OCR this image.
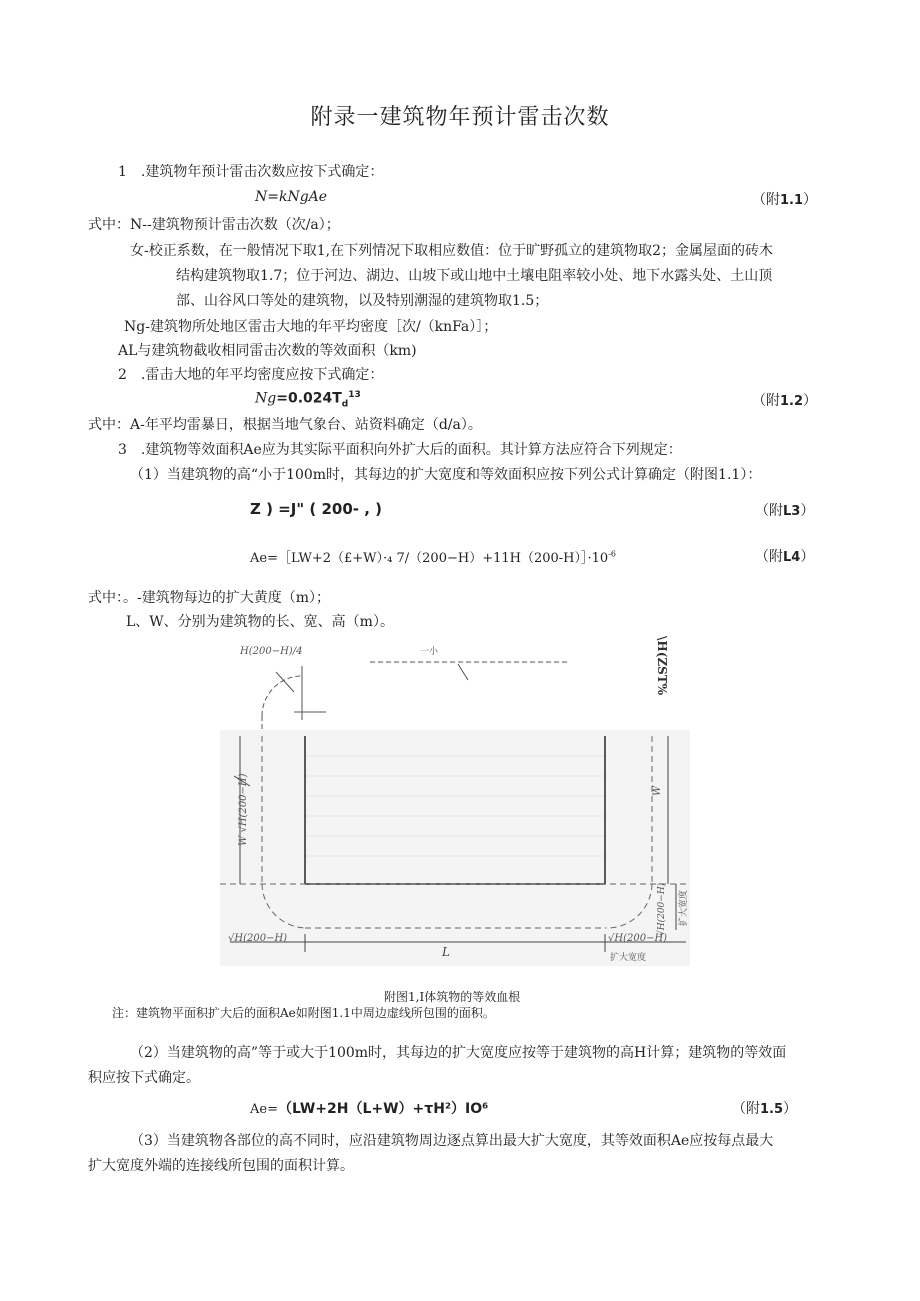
附录一建筑物年预计雷击次数
1　.建筑物年预计雷击次数应按下式确定：
N=kNgAe	（附1.1）
式中：N--建筑物预计雷击次数（次/a）；
女-校正系数，在一般情况下取1,在下列情况下取相应数值：位于旷野孤立的建筑物取2；金属屋面的砖木
结构建筑物取1.7；位于河边、湖边、山坡下或山地中土壤电阻率较小处、地下水露头处、土山顶
部、山谷风口等处的建筑物，以及特别潮湿的建筑物取1.5；
Ng-建筑物所处地区雷击大地的年平均密度［次/（knFa）］；
AL与建筑物截收相同雷击次数的等效面积（km)
2　.雷击大地的年平均密度应按下式确定：
$Ng=0.024T_d^{13}$	（附1.2）
式中：A-年平均雷暴日，根据当地气象台、站资料确定（d/a）。
3　.建筑物等效面积Ae应为其实际平面积向外扩大后的面积。其计算方法应符合下列规定：
（1）当建筑物的高“小于100m时，其每边的扩大宽度和等效面积应按下列公式计算确定（附图1.1）：
Z ) =J" ( 200- , )	（附L3）
Ae=［LW+2（£+W）·₄ $7/(200-H)+11H(200-H)]\cdot 10^{-6}$	（附L4）
式中：。-建筑物每边的扩大黄度（m）；
L、W、分别为建筑物的长、宽、高（m）。
H(200−H)/4	一小	\H(ZST%
W √H(200−H)	W
√H(200−H) 扩大宽度
√H(200−H)
L
√H(200−H)
扩大宽度
附图1,I体筑物的等效血根
注：建筑物平面积扩大后的面积Ae如附图1.1中周边虚线所包围的面积。
（2）当建筑物的高”等于或大于100m时，其每边的扩大宽度应按等于建筑物的高H计算；建筑物的等效面
积应按下式确定。
Ae=（LW+2H（L+W）+τH²）IO⁶	（附1.5）
（3）当建筑物各部位的高不同时，应沿建筑物周边逐点算出最大扩大宽度，其等效面积Ae应按每点最大
扩大宽度外端的连接线所包围的面积计算。
